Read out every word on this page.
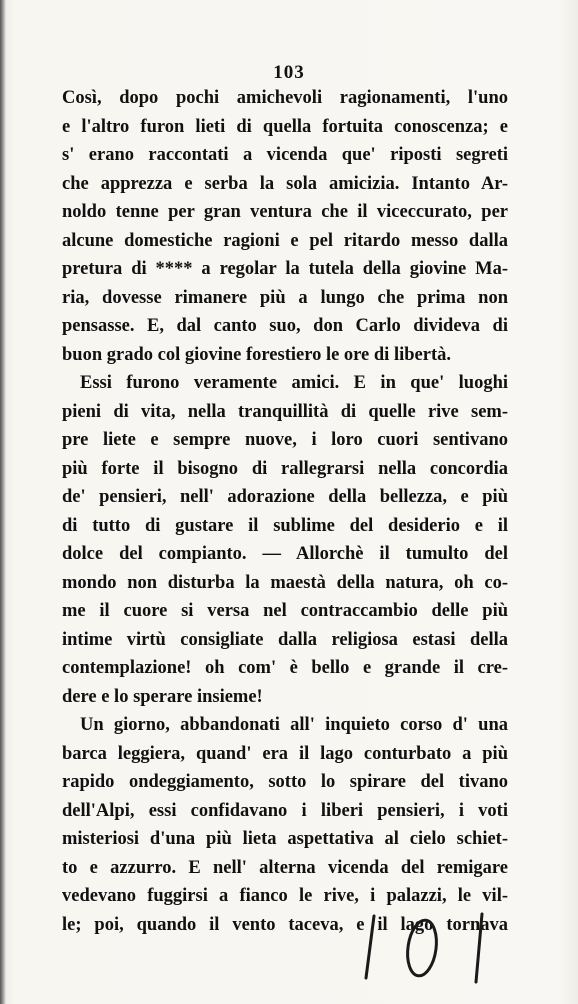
103
Così, dopo pochi amichevoli ragionamenti, l'uno
e l'altro furon lieti di quella fortuita conoscenza; e
s' erano raccontati a vicenda que' riposti segreti
che apprezza e serba la sola amicizia. Intanto Ar-
noldo tenne per gran ventura che il viceccurato, per
alcune domestiche ragioni e pel ritardo messo dalla
pretura di **** a regolar la tutela della giovine Ma-
ria, dovesse rimanere più a lungo che prima non
pensasse. E, dal canto suo, don Carlo divideva di
buon grado col giovine forestiero le ore di libertà.
Essi furono veramente amici. E in que' luoghi
pieni di vita, nella tranquillità di quelle rive sem-
pre liete e sempre nuove, i loro cuori sentivano
più forte il bisogno di rallegrarsi nella concordia
de' pensieri, nell' adorazione della bellezza, e più
di tutto di gustare il sublime del desiderio e il
dolce del compianto. — Allorchè il tumulto del
mondo non disturba la maestà della natura, oh co-
me il cuore si versa nel contraccambio delle più
intime virtù consigliate dalla religiosa estasi della
contemplazione! oh com' è bello e grande il cre-
dere e lo sperare insieme!
Un giorno, abbandonati all' inquieto corso d' una
barca leggiera, quand' era il lago conturbato a più
rapido ondeggiamento, sotto lo spirare del tivano
dell'Alpi, essi confidavano i liberi pensieri, i voti
misteriosi d'una più lieta aspettativa al cielo schiet-
to e azzurro. E nell' alterna vicenda del remigare
vedevano fuggirsi a fianco le rive, i palazzi, le vil-
le; poi, quando il vento taceva, e il lago tornava
